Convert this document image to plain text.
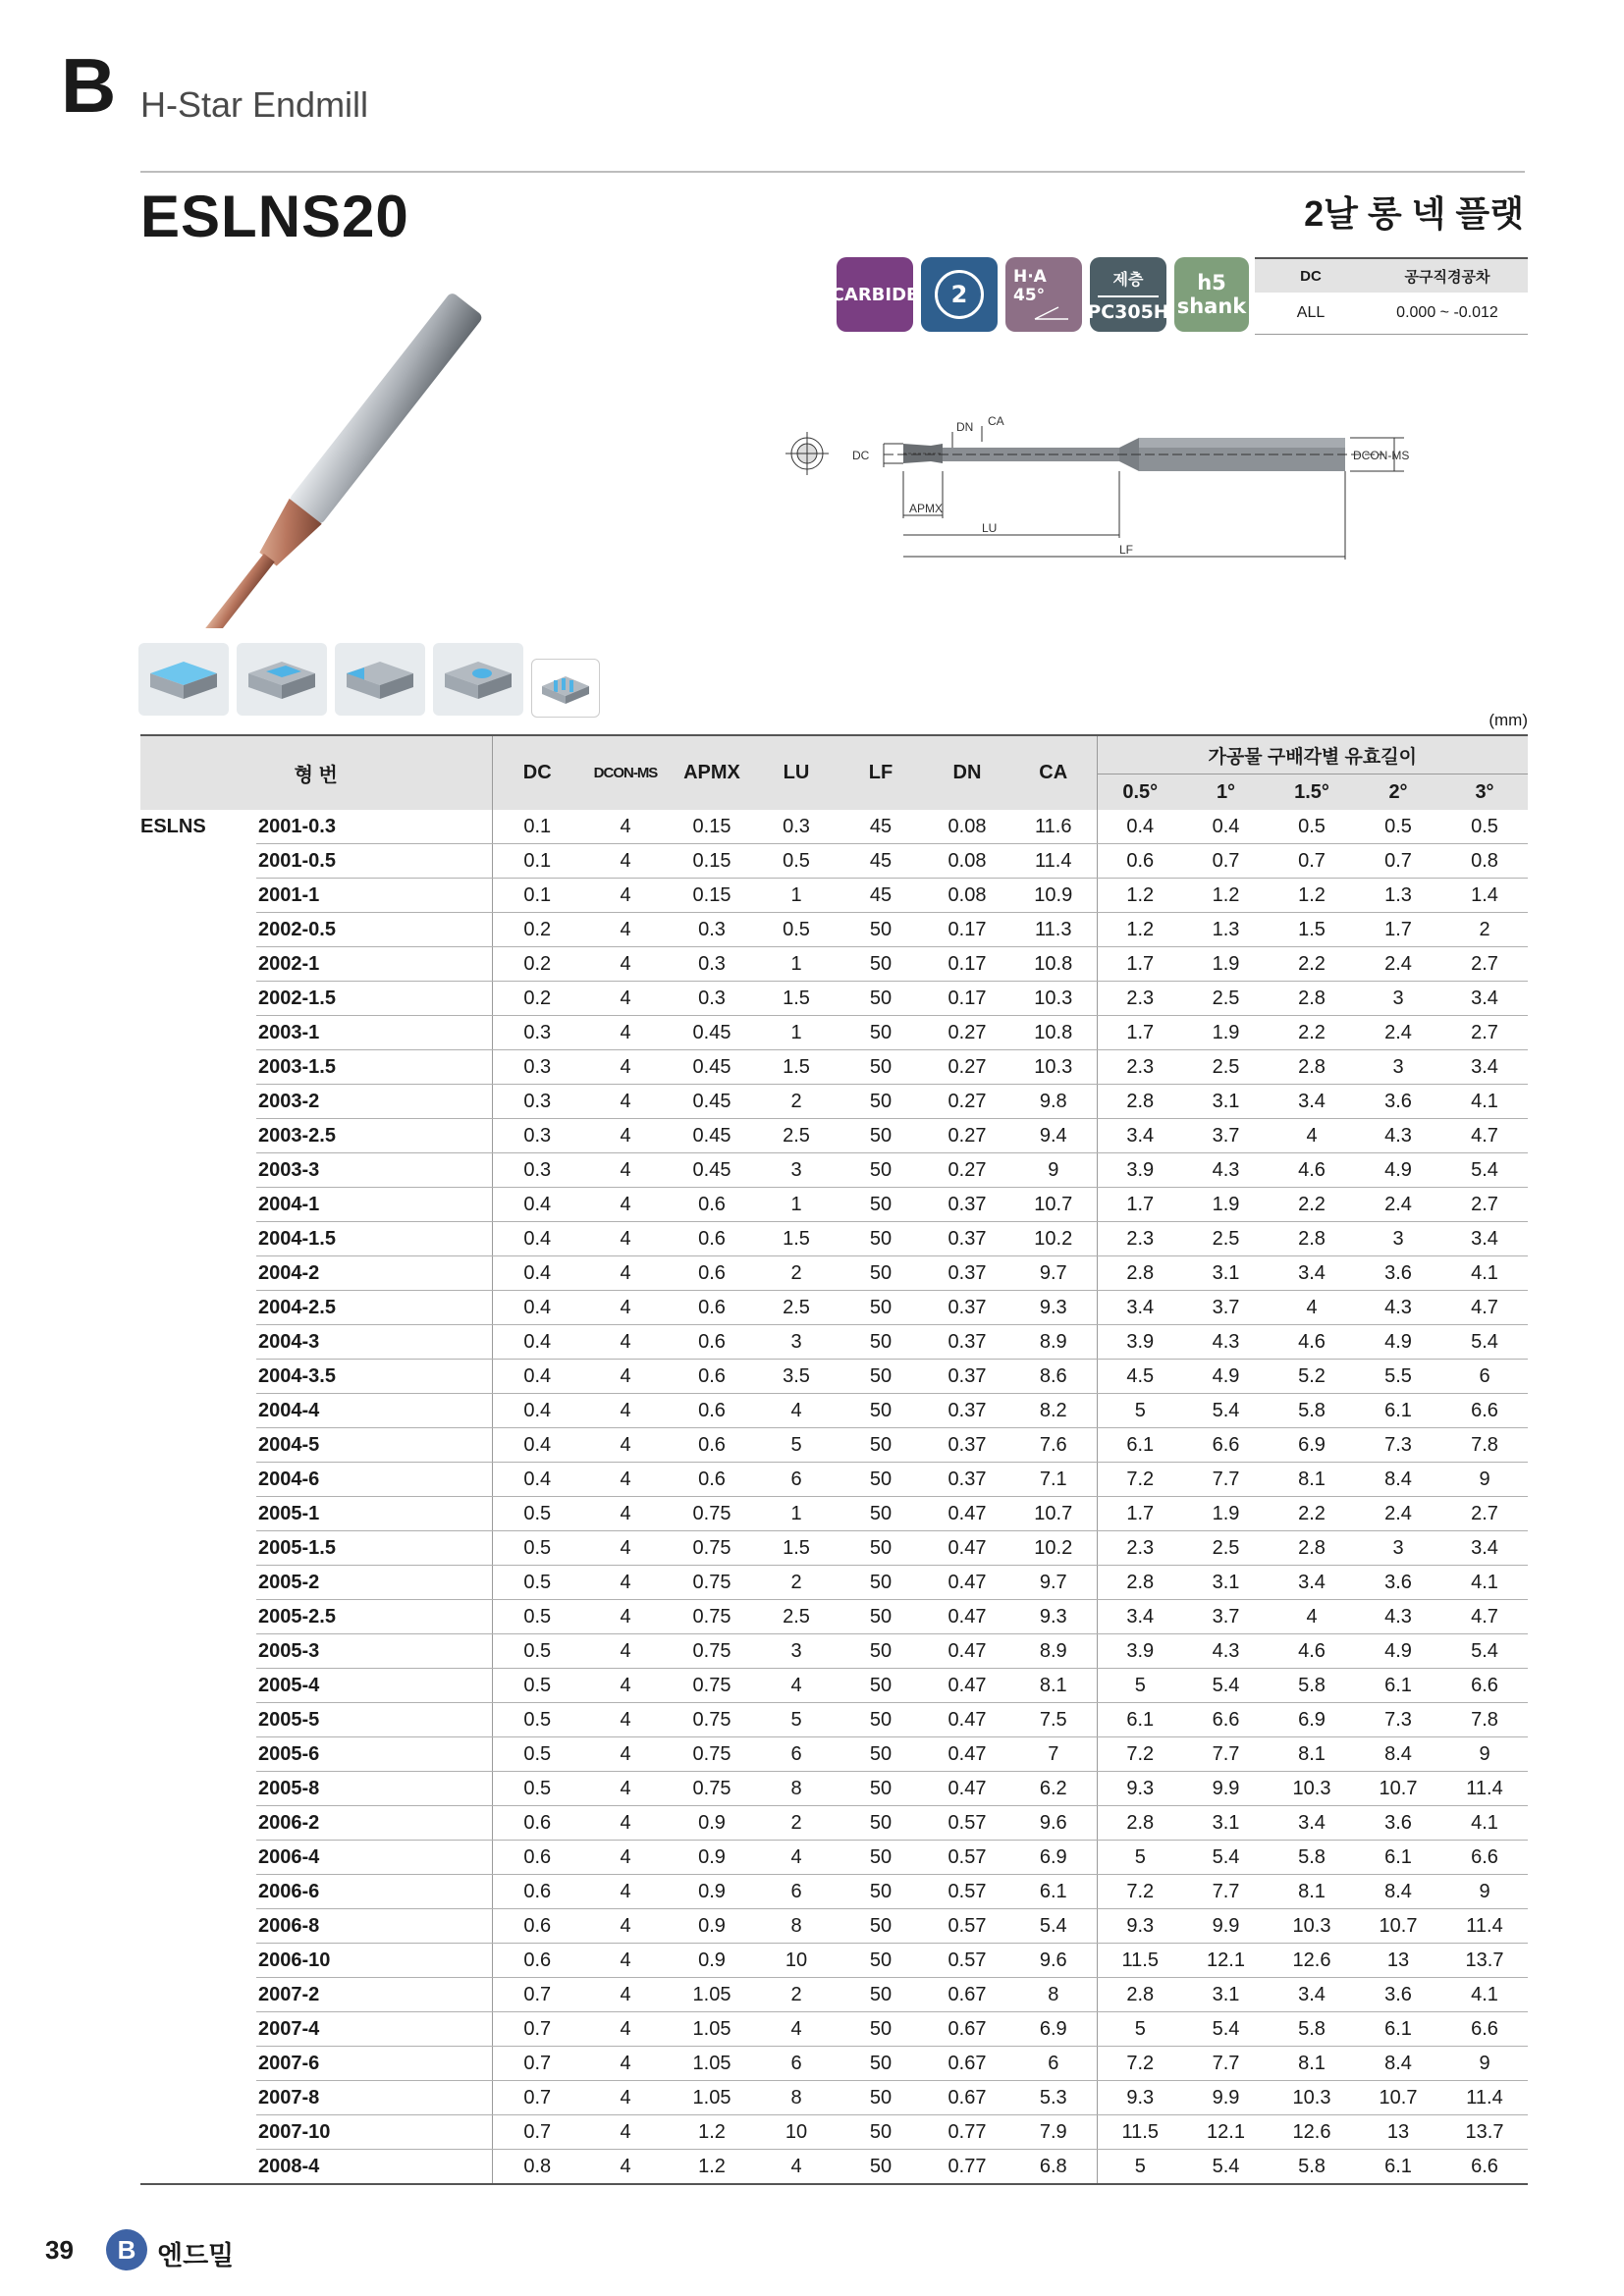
B H-Star Endmill
ESLNS20	2날 롱 넥 플랫
CARBIDE 2
H·A
45°
제층
PC305H
h5
shank
DC	공구직경공차
ALL	0.000 ~ -0.012
DC
DN CA
DCON-MS
APMX
LU
LF
(mm)
형 번		DC	DCON-MS	APMX	LU	LF	DN	CA	가공물 구배각별 유효길이				
									0.5°	1°	1.5°	2°	3°
ESLNS	2001-0.3	0.1	4	0.15	0.3	45	0.08	11.6	0.4	0.4	0.5	0.5	0.5
	2001-0.5	0.1	4	0.15	0.5	45	0.08	11.4	0.6	0.7	0.7	0.7	0.8
	2001-1	0.1	4	0.15	1	45	0.08	10.9	1.2	1.2	1.2	1.3	1.4
	2002-0.5	0.2	4	0.3	0.5	50	0.17	11.3	1.2	1.3	1.5	1.7	2
	2002-1	0.2	4	0.3	1	50	0.17	10.8	1.7	1.9	2.2	2.4	2.7
	2002-1.5	0.2	4	0.3	1.5	50	0.17	10.3	2.3	2.5	2.8	3	3.4
	2003-1	0.3	4	0.45	1	50	0.27	10.8	1.7	1.9	2.2	2.4	2.7
	2003-1.5	0.3	4	0.45	1.5	50	0.27	10.3	2.3	2.5	2.8	3	3.4
	2003-2	0.3	4	0.45	2	50	0.27	9.8	2.8	3.1	3.4	3.6	4.1
	2003-2.5	0.3	4	0.45	2.5	50	0.27	9.4	3.4	3.7	4	4.3	4.7
	2003-3	0.3	4	0.45	3	50	0.27	9	3.9	4.3	4.6	4.9	5.4
	2004-1	0.4	4	0.6	1	50	0.37	10.7	1.7	1.9	2.2	2.4	2.7
	2004-1.5	0.4	4	0.6	1.5	50	0.37	10.2	2.3	2.5	2.8	3	3.4
	2004-2	0.4	4	0.6	2	50	0.37	9.7	2.8	3.1	3.4	3.6	4.1
	2004-2.5	0.4	4	0.6	2.5	50	0.37	9.3	3.4	3.7	4	4.3	4.7
	2004-3	0.4	4	0.6	3	50	0.37	8.9	3.9	4.3	4.6	4.9	5.4
	2004-3.5	0.4	4	0.6	3.5	50	0.37	8.6	4.5	4.9	5.2	5.5	6
	2004-4	0.4	4	0.6	4	50	0.37	8.2	5	5.4	5.8	6.1	6.6
	2004-5	0.4	4	0.6	5	50	0.37	7.6	6.1	6.6	6.9	7.3	7.8
	2004-6	0.4	4	0.6	6	50	0.37	7.1	7.2	7.7	8.1	8.4	9
	2005-1	0.5	4	0.75	1	50	0.47	10.7	1.7	1.9	2.2	2.4	2.7
	2005-1.5	0.5	4	0.75	1.5	50	0.47	10.2	2.3	2.5	2.8	3	3.4
	2005-2	0.5	4	0.75	2	50	0.47	9.7	2.8	3.1	3.4	3.6	4.1
	2005-2.5	0.5	4	0.75	2.5	50	0.47	9.3	3.4	3.7	4	4.3	4.7
	2005-3	0.5	4	0.75	3	50	0.47	8.9	3.9	4.3	4.6	4.9	5.4
	2005-4	0.5	4	0.75	4	50	0.47	8.1	5	5.4	5.8	6.1	6.6
	2005-5	0.5	4	0.75	5	50	0.47	7.5	6.1	6.6	6.9	7.3	7.8
	2005-6	0.5	4	0.75	6	50	0.47	7	7.2	7.7	8.1	8.4	9
	2005-8	0.5	4	0.75	8	50	0.47	6.2	9.3	9.9	10.3	10.7	11.4
	2006-2	0.6	4	0.9	2	50	0.57	9.6	2.8	3.1	3.4	3.6	4.1
	2006-4	0.6	4	0.9	4	50	0.57	6.9	5	5.4	5.8	6.1	6.6
	2006-6	0.6	4	0.9	6	50	0.57	6.1	7.2	7.7	8.1	8.4	9
	2006-8	0.6	4	0.9	8	50	0.57	5.4	9.3	9.9	10.3	10.7	11.4
	2006-10	0.6	4	0.9	10	50	0.57	9.6	11.5	12.1	12.6	13	13.7
	2007-2	0.7	4	1.05	2	50	0.67	8	2.8	3.1	3.4	3.6	4.1
	2007-4	0.7	4	1.05	4	50	0.67	6.9	5	5.4	5.8	6.1	6.6
	2007-6	0.7	4	1.05	6	50	0.67	6	7.2	7.7	8.1	8.4	9
	2007-8	0.7	4	1.05	8	50	0.67	5.3	9.3	9.9	10.3	10.7	11.4
	2007-10	0.7	4	1.2	10	50	0.77	7.9	11.5	12.1	12.6	13	13.7
	2008-4	0.8	4	1.2	4	50	0.77	6.8	5	5.4	5.8	6.1	6.6
39	B 엔드밀
